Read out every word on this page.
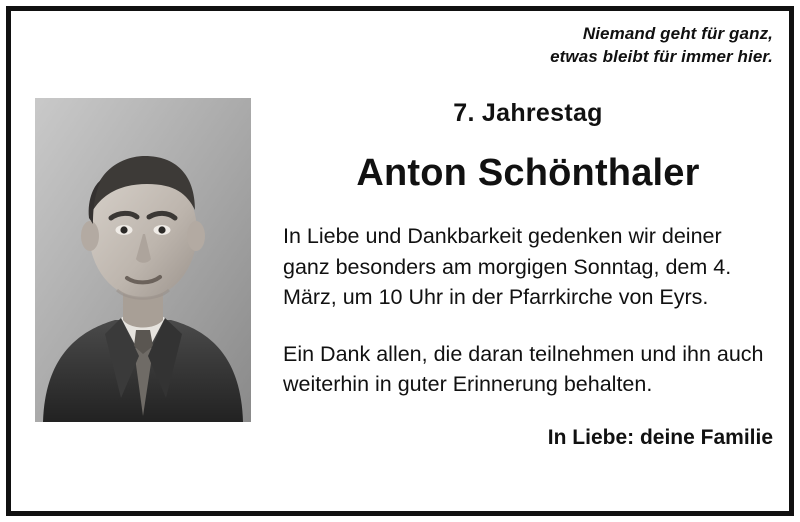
Niemand geht für ganz,
etwas bleibt für immer hier.
7. Jahrestag
Anton Schönthaler
In Liebe und Dankbarkeit gedenken wir deiner ganz besonders am morgigen Sonntag, dem 4. März, um 10 Uhr in der Pfarrkirche von Eyrs.
Ein Dank allen, die daran teilnehmen und ihn auch weiterhin in guter Erinnerung behalten.
In Liebe: deine Familie
